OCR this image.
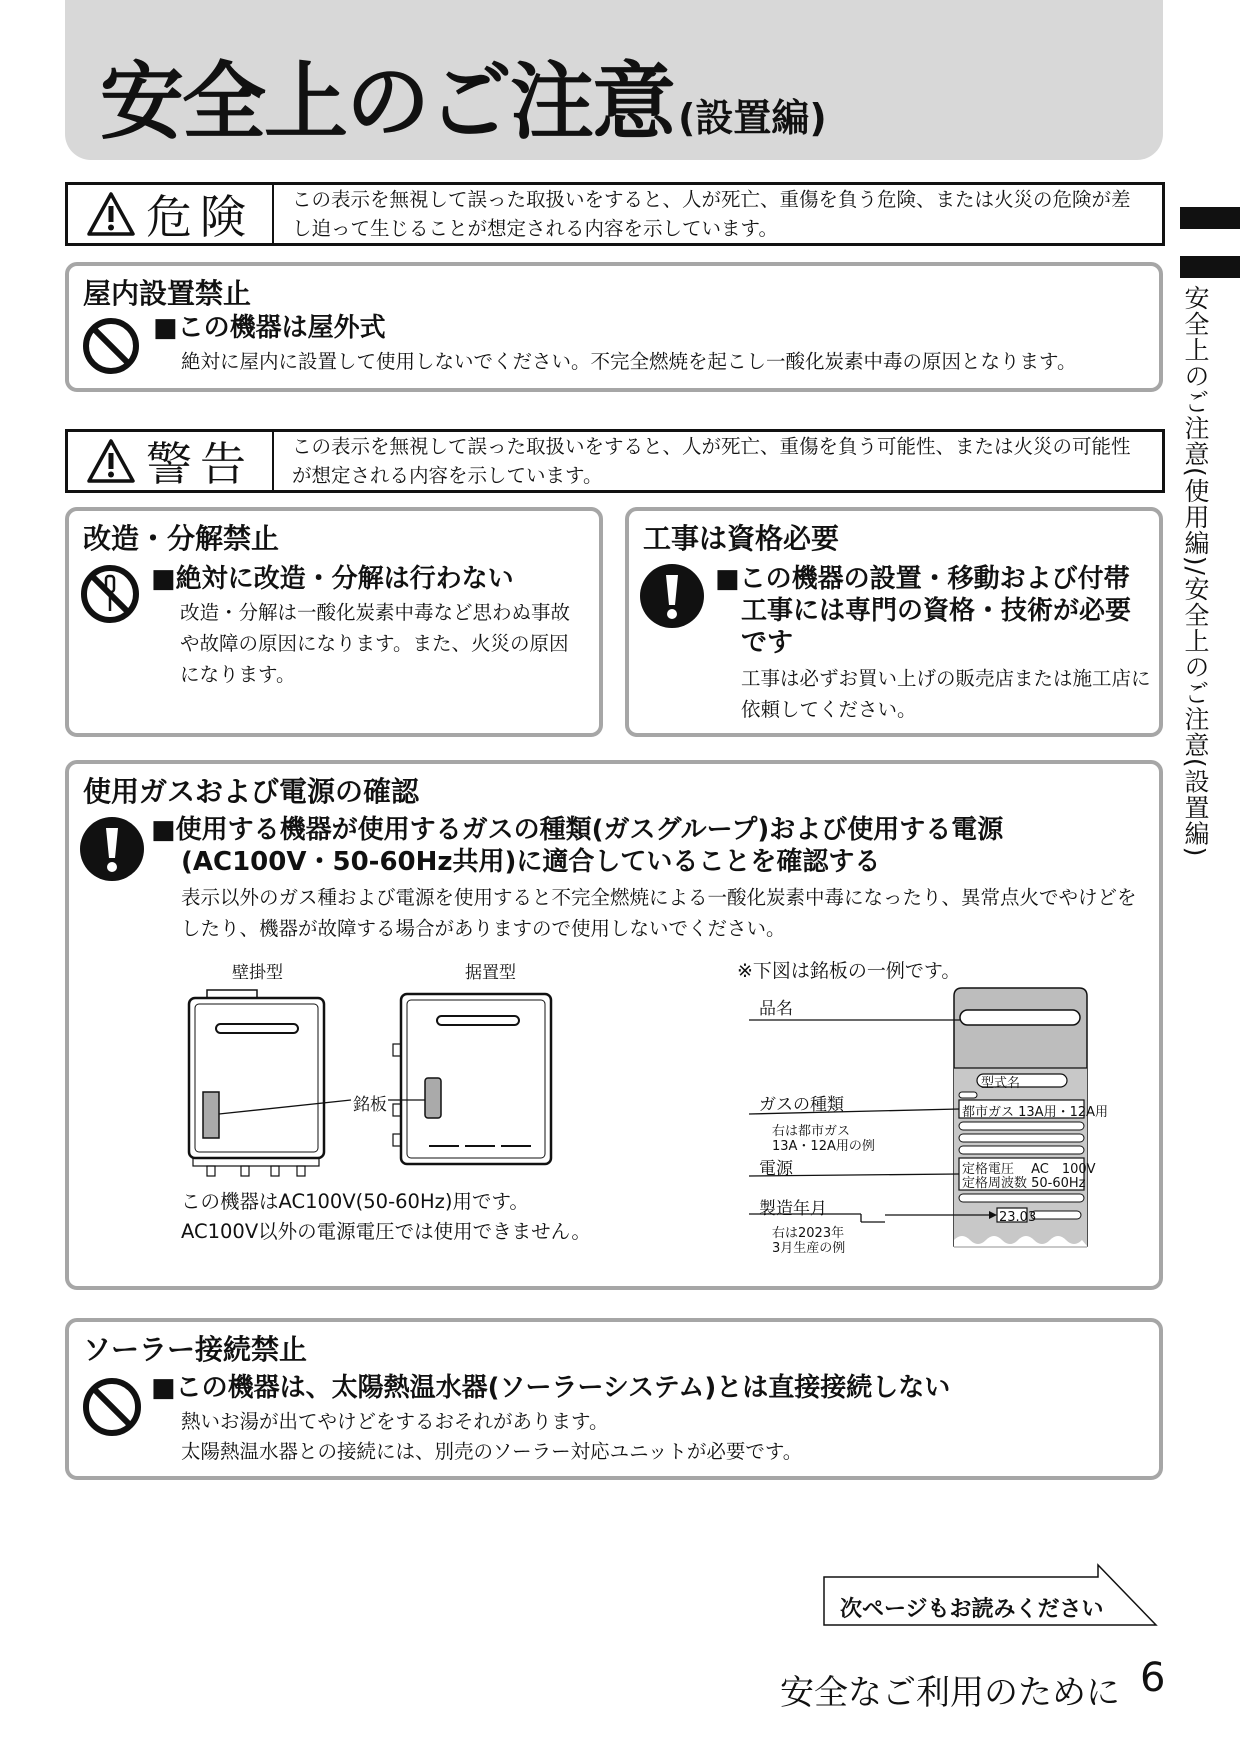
安全上のご注意 (設置編)
安全上のご注意(使用編)/安全上のご注意(設置編)
危険	この表示を無視して誤った取扱いをすると、人が死亡、重傷を負う危険、または火災の危険が差し迫って生じることが想定される内容を示しています。
屋内設置禁止
■この機器は屋外式
絶対に屋内に設置して使用しないでください。不完全燃焼を起こし一酸化炭素中毒の原因となります。
警告	この表示を無視して誤った取扱いをすると、人が死亡、重傷を負う可能性、または火災の可能性が想定される内容を示しています。
改造・分解禁止
■絶対に改造・分解は行わない
改造・分解は一酸化炭素中毒など思わぬ事故や故障の原因になります。また、火災の原因になります。
工事は資格必要
■この機器の設置・移動および付帯
工事には専門の資格・技術が必要
です
工事は必ずお買い上げの販売店または施工店に依頼してください。
使用ガスおよび電源の確認
■使用する機器が使用するガスの種類(ガスグループ)および使用する電源
(AC100V・50-60Hz共用)に適合していることを確認する
表示以外のガス種および電源を使用すると不完全燃焼による一酸化炭素中毒になったり、異常点火でやけどをしたり、機器が故障する場合がありますので使用しないでください。
壁掛型	据置型
銘板
この機器はAC100V(50-60Hz)用です。
AC100V以外の電源電圧では使用できません。
※下図は銘板の一例です。
品名
型式名
ガスの種類
右は都市ガス
13A・12A用の例
都市ガス 13A用・12A用
電源	定格電圧　 AC　100V
定格周波数 50-60Hz
製造年月
右は2023年
3月生産の例
23.03
ソーラー接続禁止
■この機器は、太陽熱温水器(ソーラーシステム)とは直接接続しない
熱いお湯が出てやけどをするおそれがあります。
太陽熱温水器との接続には、別売のソーラー対応ユニットが必要です。
次ページもお読みください
安全なご利用のために 6
